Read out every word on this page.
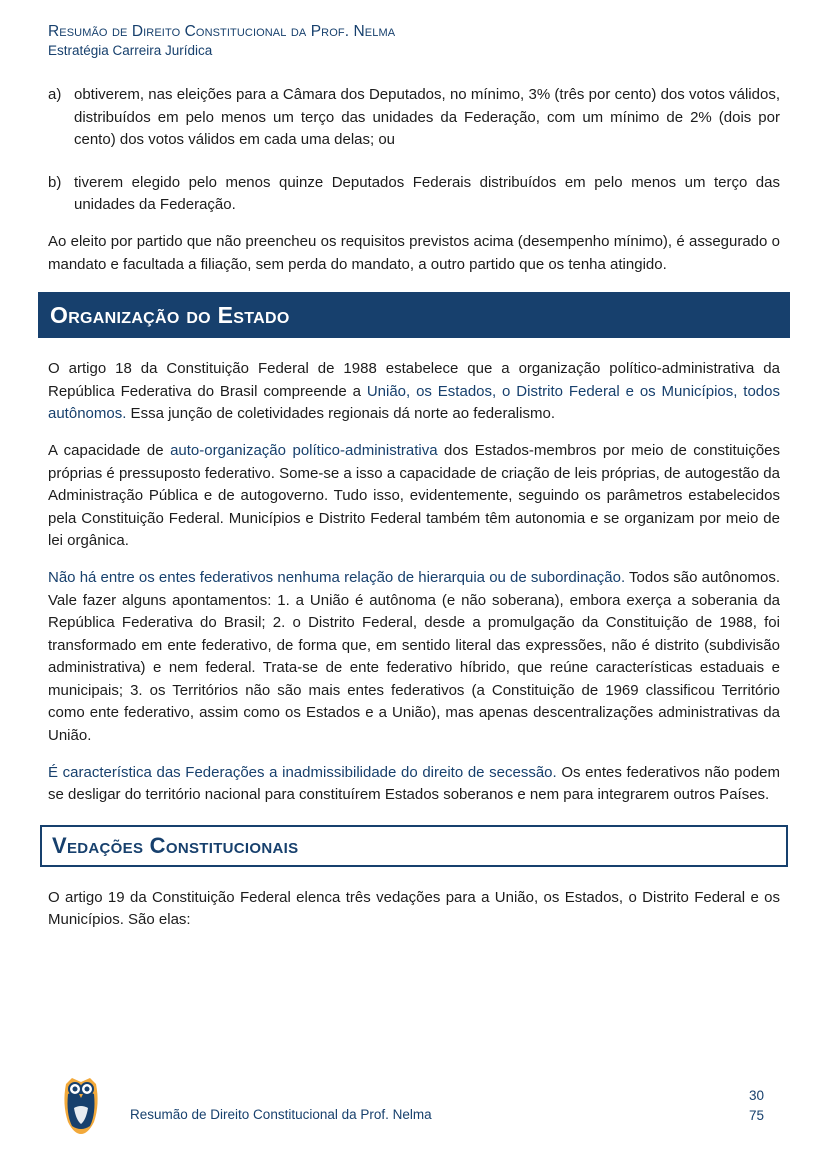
Resumão de Direito Constitucional da Prof. Nelma
Estratégia Carreira Jurídica
a) obtiverem, nas eleições para a Câmara dos Deputados, no mínimo, 3% (três por cento) dos votos válidos, distribuídos em pelo menos um terço das unidades da Federação, com um mínimo de 2% (dois por cento) dos votos válidos em cada uma delas; ou
b) tiverem elegido pelo menos quinze Deputados Federais distribuídos em pelo menos um terço das unidades da Federação.

Ao eleito por partido que não preencheu os requisitos previstos acima (desempenho mínimo), é assegurado o mandato e facultada a filiação, sem perda do mandato, a outro partido que os tenha atingido.

Organização do Estado

O artigo 18 da Constituição Federal de 1988 estabelece que a organização político-administrativa da República Federativa do Brasil compreende a União, os Estados, o Distrito Federal e os Municípios, todos autônomos. Essa junção de coletividades regionais dá norte ao federalismo.

A capacidade de auto-organização político-administrativa dos Estados-membros por meio de constituições próprias é pressuposto federativo. Some-se a isso a capacidade de criação de leis próprias, de autogestão da Administração Pública e de autogoverno. Tudo isso, evidentemente, seguindo os parâmetros estabelecidos pela Constituição Federal. Municípios e Distrito Federal também têm autonomia e se organizam por meio de lei orgânica.

Não há entre os entes federativos nenhuma relação de hierarquia ou de subordinação. Todos são autônomos. Vale fazer alguns apontamentos: 1. a União é autônoma (e não soberana), embora exerça a soberania da República Federativa do Brasil; 2. o Distrito Federal, desde a promulgação da Constituição de 1988, foi transformado em ente federativo, de forma que, em sentido literal das expressões, não é distrito (subdivisão administrativa) e nem federal. Trata-se de ente federativo híbrido, que reúne características estaduais e municipais; 3. os Territórios não são mais entes federativos (a Constituição de 1969 classificou Território como ente federativo, assim como os Estados e a União), mas apenas descentralizações administrativas da União.

É característica das Federações a inadmissibilidade do direito de secessão. Os entes federativos não podem se desligar do território nacional para constituírem Estados soberanos e nem para integrarem outros Países.

Vedações Constitucionais

O artigo 19 da Constituição Federal elenca três vedações para a União, os Estados, o Distrito Federal e os Municípios. São elas:

Resumão de Direito Constitucional da Prof. Nelma
30
75
